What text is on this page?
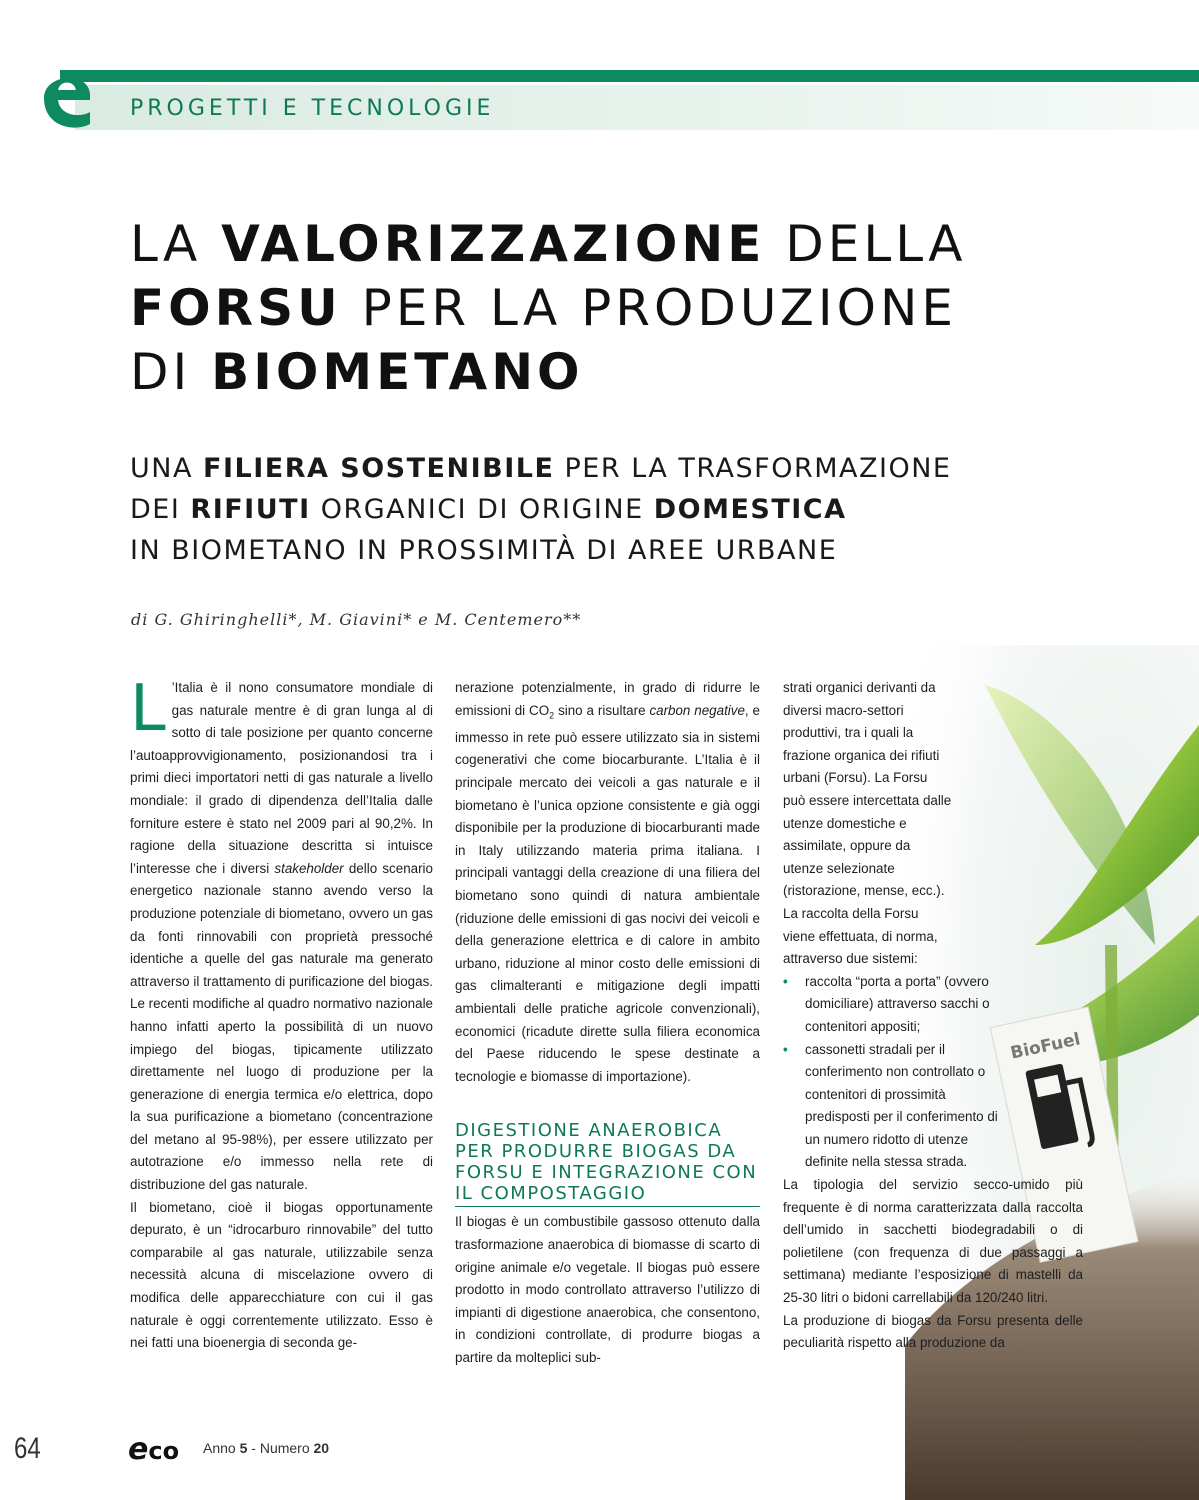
PROGETTI E TECNOLOGIE
LA VALORIZZAZIONE DELLA
FORSU PER LA PRODUZIONE
DI BIOMETANO
UNA FILIERA SOSTENIBILE PER LA TRASFORMAZIONE
DEI RIFIUTI ORGANICI DI ORIGINE DOMESTICA
IN BIOMETANO IN PROSSIMITÀ DI AREE URBANE
di G. Ghiringhelli*, M. Giavini* e M. Centemero**
BioFuel

L ’Italia è il nono consumatore mondiale di gas naturale mentre è di gran lunga al di sotto di tale posizione per quanto concerne l’autoapprovvigionamento, posizionandosi tra i primi dieci importatori netti di gas naturale a livello mondiale: il grado di dipendenza dell’Italia dalle forniture estere è stato nel 2009 pari al 90,2%. In ragione della situazione descritta si intuisce l’interesse che i diversi stakeholder dello scenario energetico nazionale stanno avendo verso la produzione potenziale di biometano, ovvero un gas da fonti rinnovabili con proprietà pressoché identiche a quelle del gas naturale ma generato attraverso il trattamento di purificazione del biogas. Le recenti modifiche al quadro normativo nazionale hanno infatti aperto la possibilità di un nuovo impiego del biogas, tipicamente utilizzato direttamente nel luogo di produzione per la generazione di energia termica e/o elettrica, dopo la sua purificazione a biometano (concentrazione del metano al 95-98%), per essere utilizzato per autotrazione e/o immesso nella rete di distribuzione del gas naturale.

Il biometano, cioè il biogas opportunamente depurato, è un “idrocarburo rinnovabile” del tutto comparabile al gas naturale, utilizzabile senza necessità alcuna di miscelazione ovvero di modifica delle apparecchiature con cui il gas naturale è oggi correntemente utilizzato. Esso è nei fatti una bioenergia di seconda ge-

nerazione potenzialmente, in grado di ridurre le emissioni di $CO_2$ sino a risultare carbon negative, e immesso in rete può essere utilizzato sia in sistemi cogenerativi che come biocarburante. L’Italia è il principale mercato dei veicoli a gas naturale e il biometano è l’unica opzione consistente e già oggi disponibile per la produzione di biocarburanti made in Italy utilizzando materia prima italiana. I principali vantaggi della creazione di una filiera del biometano sono quindi di natura ambientale (riduzione delle emissioni di gas nocivi dei veicoli e della generazione elettrica e di calore in ambito urbano, riduzione al minor costo delle emissioni di gas climalteranti e mitigazione degli impatti ambientali delle pratiche agricole convenzionali), economici (ricadute dirette sulla filiera economica del Paese riducendo le spese destinate a tecnologie e biomasse di importazione).

DIGESTIONE ANAEROBICA PER PRODURRE BIOGAS DA FORSU E INTEGRAZIONE CON IL COMPOSTAGGIO

Il biogas è un combustibile gassoso ottenuto dalla trasformazione anaerobica di biomasse di scarto di origine animale e/o vegetale. Il biogas può essere prodotto in modo controllato attraverso l’utilizzo di impianti di digestione anaerobica, che consentono, in condizioni controllate, di produrre biogas a partire da molteplici sub-

strati organici derivanti da diversi macro-settori produttivi, tra i quali la frazione organica dei rifiuti urbani (Forsu). La Forsu può essere intercettata dalle utenze domestiche e assimilate, oppure da utenze selezionate (ristorazione, mense, ecc.). La raccolta della Forsu viene effettuata, di norma, attraverso due sistemi:

• raccolta “porta a porta” (ovvero domiciliare) attraverso sacchi o contenitori appositi;
• cassonetti stradali per il conferimento non controllato o contenitori di prossimità predisposti per il conferimento di un numero ridotto di utenze definite nella stessa strada.

La tipologia del servizio secco-umido più frequente è di norma caratterizzata dalla raccolta dell’umido in sacchetti biodegradabili o di polietilene (con frequenza di due passaggi a settimana) mediante l’esposizione di mastelli da 25-30 litri o bidoni carrellabili da 120/240 litri.

La produzione di biogas da Forsu presenta delle peculiarità rispetto alla produzione da

64	eco Anno 5 - Numero 20
